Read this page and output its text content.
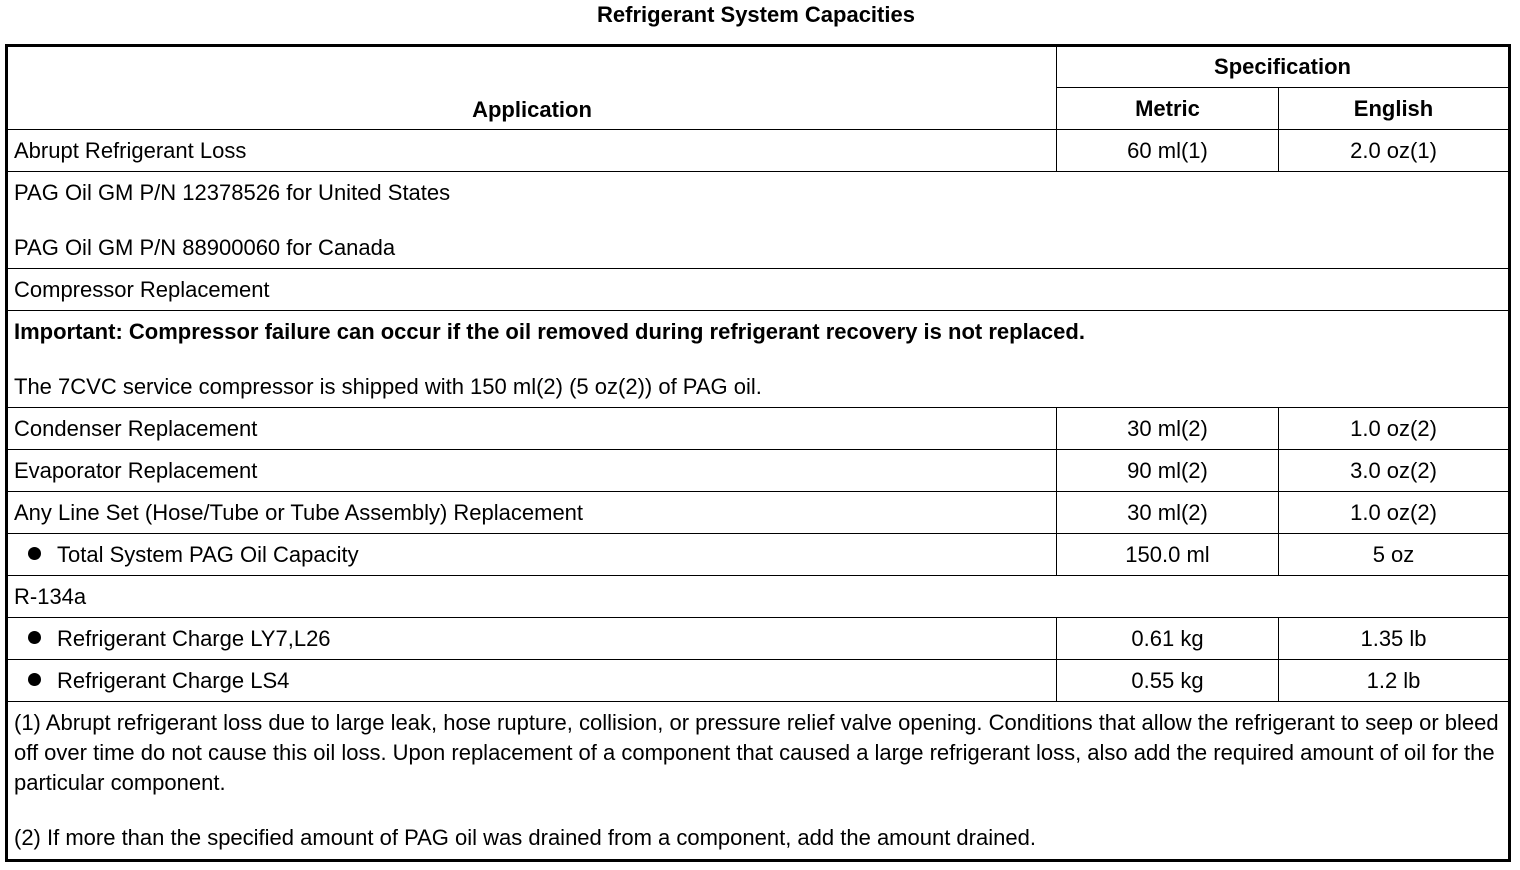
Refrigerant System Capacities
Application	Specification	
	Metric	English
Abrupt Refrigerant Loss	60 ml(1)	2.0 oz(1)

PAG Oil GM P/N 12378526 for United States
PAG Oil GM P/N 88900060 for Canada		

Compressor Replacement		

Important: Compressor failure can occur if the oil removed during refrigerant recovery is not replaced.
The 7CVC service compressor is shipped with 150 ml(2) (5 oz(2)) of PAG oil.		

Condenser Replacement	30 ml(2)	1.0 oz(2)
Evaporator Replacement	90 ml(2)	3.0 oz(2)
Any Line Set (Hose/Tube or Tube Assembly) Replacement	30 ml(2)	1.0 oz(2)
Total System PAG Oil Capacity	150.0 ml	5 oz
R-134a		
Refrigerant Charge LY7,L26	0.61 kg	1.35 lb
Refrigerant Charge LS4	0.55 kg	1.2 lb

(1) Abrupt refrigerant loss due to large leak, hose rupture, collision, or pressure relief valve opening. Conditions that allow the refrigerant to seep or bleed off over time do not cause this oil loss. Upon replacement of a component that caused a large refrigerant loss, also add the required amount of oil for the particular component.
(2) If more than the specified amount of PAG oil was drained from a component, add the amount drained.		
